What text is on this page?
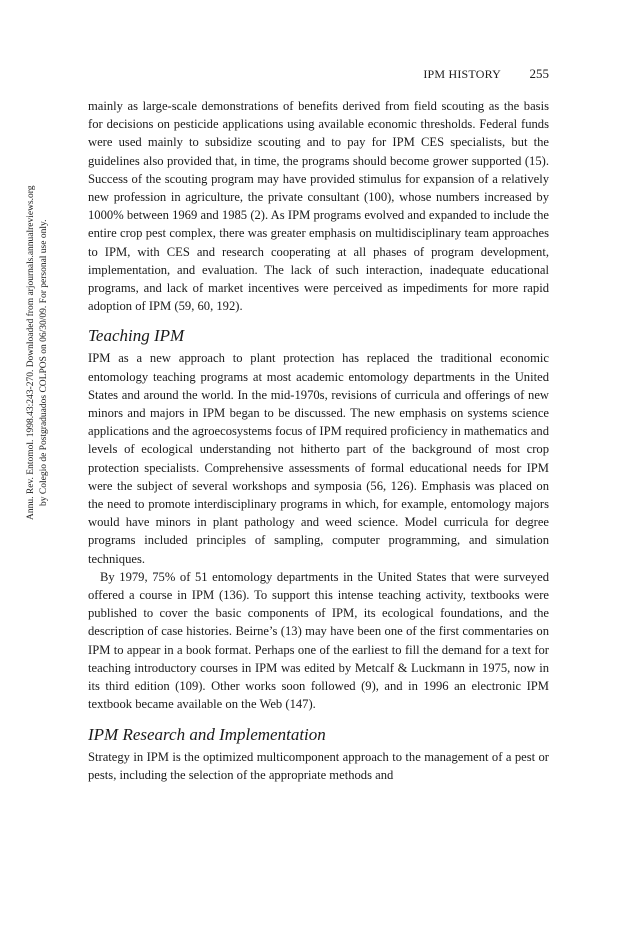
IPM HISTORY 255
Annu. Rev. Entomol. 1998.43:243-270. Downloaded from arjournals.annualreviews.org by Colegio de Postgraduados COLPOS on 06/30/09. For personal use only.

mainly as large-scale demonstrations of benefits derived from field scouting as the basis for decisions on pesticide applications using available economic thresholds. Federal funds were used mainly to subsidize scouting and to pay for IPM CES specialists, but the guidelines also provided that, in time, the programs should become grower supported (15). Success of the scouting program may have provided stimulus for expansion of a relatively new profession in agriculture, the private consultant (100), whose numbers increased by 1000% between 1969 and 1985 (2). As IPM programs evolved and expanded to include the entire crop pest complex, there was greater emphasis on multidisciplinary team approaches to IPM, with CES and research cooperating at all phases of program development, implementation, and evaluation. The lack of such interaction, inadequate educational programs, and lack of market incentives were perceived as impediments for more rapid adoption of IPM (59, 60, 192).

Teaching IPM

IPM as a new approach to plant protection has replaced the traditional economic entomology teaching programs at most academic entomology departments in the United States and around the world. In the mid-1970s, revisions of curricula and offerings of new minors and majors in IPM began to be discussed. The new emphasis on systems science applications and the agroecosystems focus of IPM required proficiency in mathematics and levels of ecological understanding not hitherto part of the background of most crop protection specialists. Comprehensive assessments of formal educational needs for IPM were the subject of several workshops and symposia (56, 126). Emphasis was placed on the need to promote interdisciplinary programs in which, for example, entomology majors would have minors in plant pathology and weed science. Model curricula for degree programs included principles of sampling, computer programming, and simulation techniques.

By 1979, 75% of 51 entomology departments in the United States that were surveyed offered a course in IPM (136). To support this intense teaching activity, textbooks were published to cover the basic components of IPM, its ecological foundations, and the description of case histories. Beirne’s (13) may have been one of the first commentaries on IPM to appear in a book format. Perhaps one of the earliest to fill the demand for a text for teaching introductory courses in IPM was edited by Metcalf & Luckmann in 1975, now in its third edition (109). Other works soon followed (9), and in 1996 an electronic IPM textbook became available on the Web (147).

IPM Research and Implementation

Strategy in IPM is the optimized multicomponent approach to the management of a pest or pests, including the selection of the appropriate methods and
